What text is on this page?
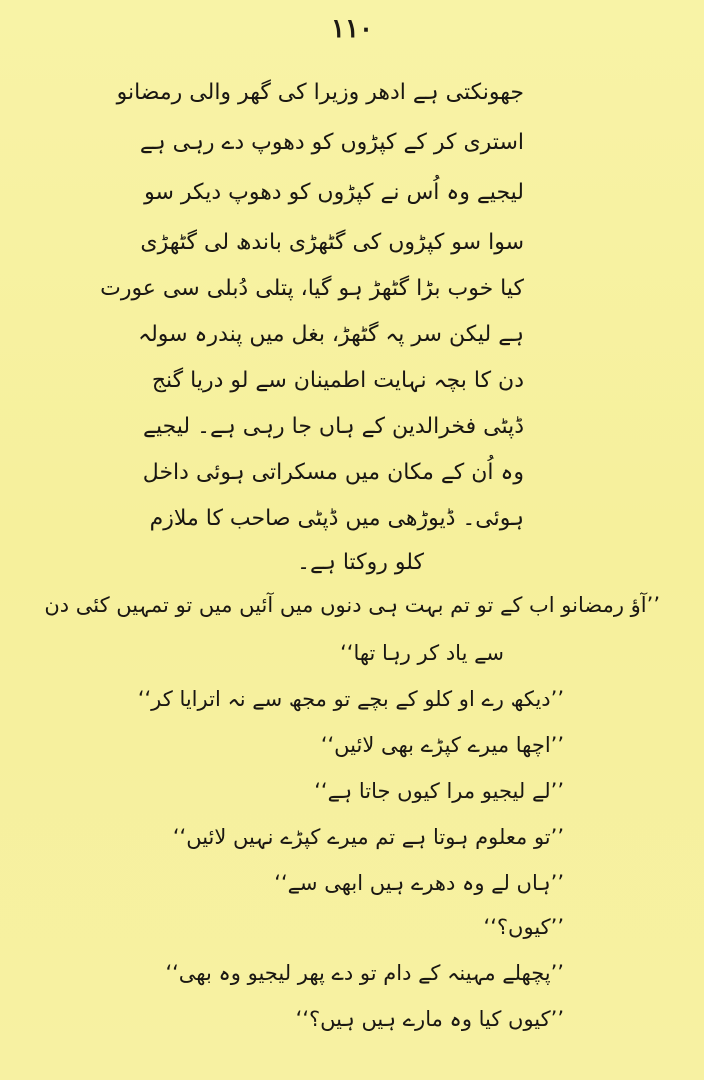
۱۱۰
جھونکتی ہے ادھر وزیرا کی گھر والی رمضانو
استری کر کے کپڑوں کو دھوپ دے رہی ہے
لیجیے وہ اُس نے کپڑوں کو دھوپ دیکر سو
سوا سو کپڑوں کی گٹھڑی باندھ لی گٹھڑی
کیا خوب بڑا گٹھڑ ہو گیا، پتلی دُبلی سی عورت
ہے لیکن سر پہ گٹھڑ، بغل میں پندرہ سولہ
دن کا بچہ نہایت اطمینان سے لو دریا گنج
ڈپٹی فخرالدین کے ہاں جا رہی ہے۔ لیجیے
وہ اُن کے مکان میں مسکراتی ہوئی داخل
ہوئی۔ ڈیوڑھی میں ڈپٹی صاحب کا ملازم
کلو روکتا ہے۔
’’آؤ رمضانو اب کے تو تم بہت ہی دنوں میں آئیں میں تو تمہیں کئی دن
سے یاد کر رہا تھا‘‘
’’دیکھ رے او کلو کے بچے تو مجھ سے نہ اترایا کر‘‘
’’اچھا میرے کپڑے بھی لائیں‘‘
’’لے لیجیو مرا کیوں جاتا ہے‘‘
’’تو معلوم ہوتا ہے تم میرے کپڑے نہیں لائیں‘‘
’’ہاں لے وہ دھرے ہیں ابھی سے‘‘
’’کیوں؟‘‘
’’پچھلے مہینہ کے دام تو دے پھر لیجیو وہ بھی‘‘
’’کیوں کیا وہ مارے ہیں ہیں؟‘‘
